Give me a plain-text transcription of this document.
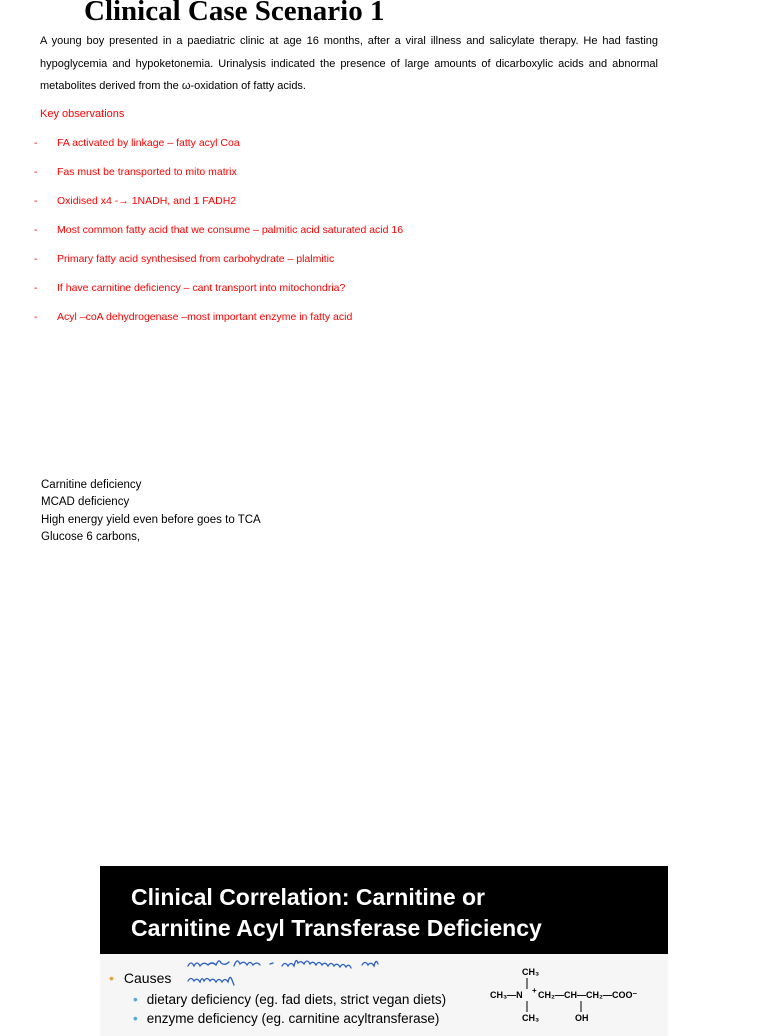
Clinical Case Scenario 1

A young boy presented in a paediatric clinic at age 16 months, after a viral illness and salicylate therapy. He had fasting hypoglycemia and hypoketonemia. Urinalysis indicated the presence of large amounts of dicarboxylic acids and abnormal metabolites derived from the ω-oxidation of fatty acids.

Key observations

- FA activated by linkage – fatty acyl Coa
- Fas must be transported to mito matrix
- Oxidised x4 -→ 1NADH, and 1 FADH2
- Most common fatty acid that we consume – palmitic acid saturated acid 16
- Primary fatty acid synthesised from carbohydrate – plalmitic
- If have carnitine deficiency – cant transport into mitochondria?
- Acyl –coA dehydrogenase –most important enzyme in fatty acid
Carnitine deficiency
MCAD deficiency
High energy yield even before goes to TCA
Glucose 6 carbons,
Clinical Correlation: Carnitine or
Carnitine Acyl Transferase Deficiency
• Causes
• dietary deficiency (eg. fad diets, strict vegan diets)
• enzyme deficiency (eg. carnitine acyltransferase)
CH₃
CH₃—N + CH₂—CH—CH₂—COO⁻
CH₃	OH
